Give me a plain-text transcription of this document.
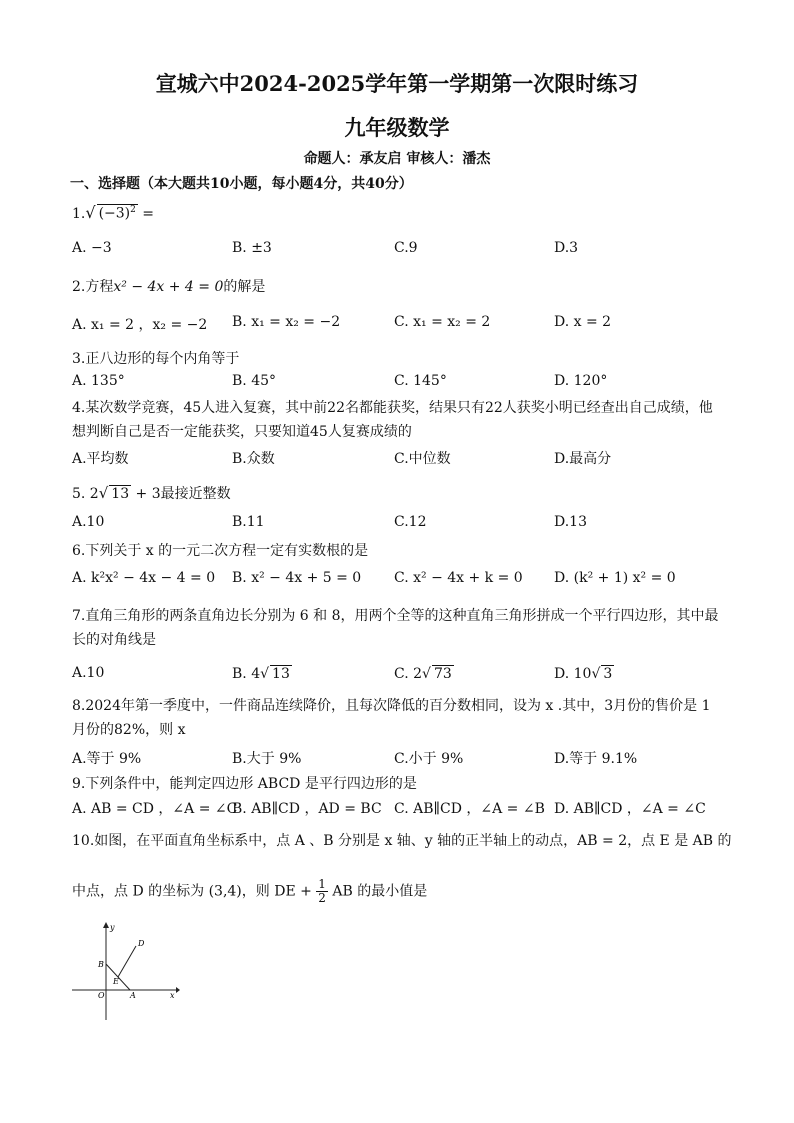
宣城六中2024-2025学年第一学期第一次限时练习
九年级数学
命题人：承友启 审核人：潘杰
一、选择题（本大题共10小题，每小题4分，共40分）
1.√ $(-3)^2$ =
A. −3	B. ±3	C.9	D.3
2.方程x² − 4x + 4 = 0的解是
A. x₁ = 2 ，x₂ = −2 B. x₁ = x₂ = −2	C. x₁ = x₂ = 2	D. x = 2
3.正八边形的每个内角等于
A. 135°	B. 45°	C. 145°	D. 120°
4.某次数学竞赛，45人进入复赛，其中前22名都能获奖，结果只有22人获奖小明已经查出自己成绩，他想判断自己是否一定能获奖，只要知道45人复赛成绩的
A.平均数	B.众数	C.中位数	D.最高分
5. 2√ 13 + 3最接近整数
A.10	B.11	C.12	D.13
6.下列关于 x 的一元二次方程一定有实数根的是
A. k²x² − 4x − 4 = 0 B. x² − 4x + 5 = 0 C. x² − 4x + k = 0 D. (k² + 1) x² = 0
7.直角三角形的两条直角边长分别为 6 和 8，用两个全等的这种直角三角形拼成一个平行四边形，其中最长的对角线是
A.10	B. 4√ 13	C. 2√ 73	D. 10√ 3
8.2024年第一季度中，一件商品连续降价，且每次降低的百分数相同，设为 x .其中，3月份的售价是 1 月份的82%，则 x
A.等于 9%	B.大于 9%	C.小于 9%	D.等于 9.1%
9.下列条件中，能判定四边形 ABCD 是平行四边形的是
A. AB = CD ，∠A = ∠C
B. AB∥CD ，AD = BC C. AB∥CD ，∠A = ∠B D. AB∥CD ，∠A = ∠C
10.如图，在平面直角坐标系中，点 A 、B 分别是 x 轴、y 轴的正半轴上的动点，AB = 2，点 E 是 AB 的
中点，点 D 的坐标为 (3,4)，则 DE + $\frac{1}{2}$ AB 的最小值是
y
D
B
E
O	A	x
